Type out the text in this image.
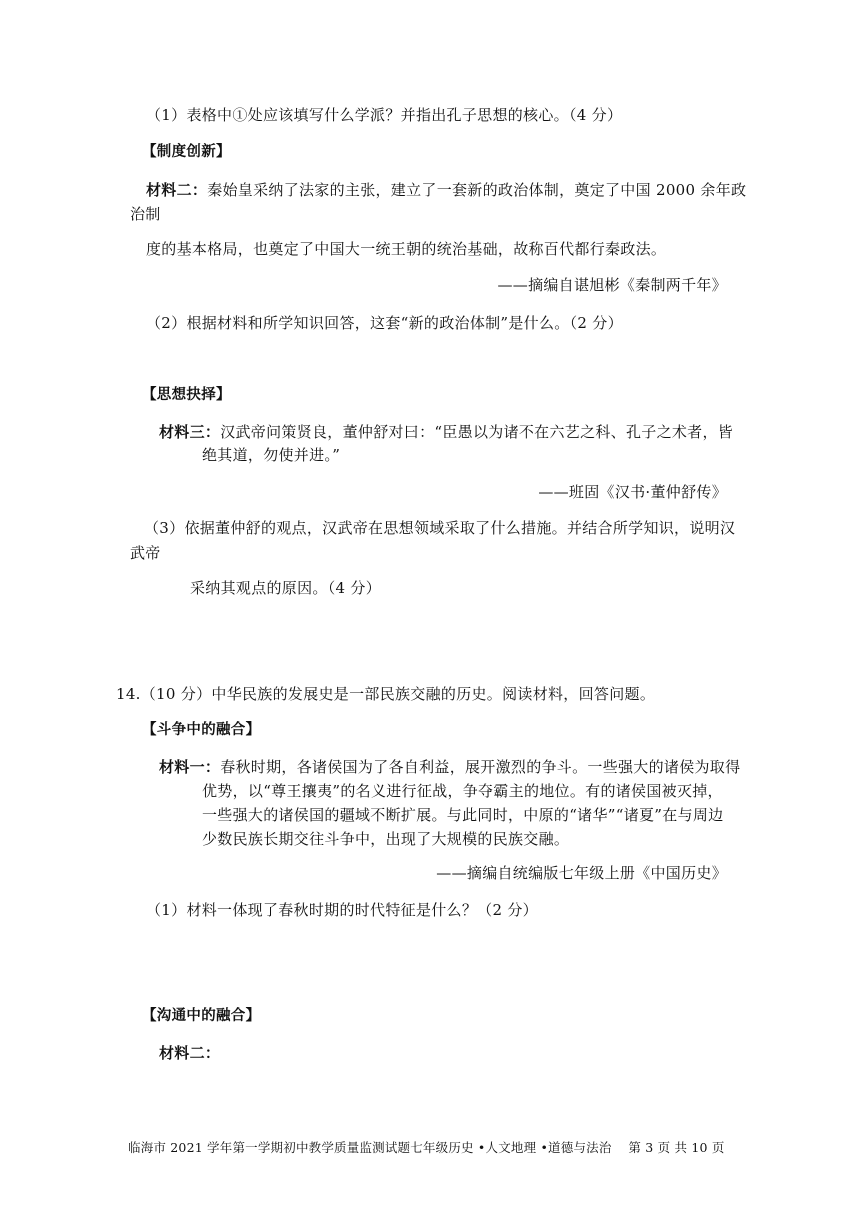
（1）表格中①处应该填写什么学派？并指出孔子思想的核心。（4 分）
【制度创新】
材料二：秦始皇采纳了法家的主张，建立了一套新的政治体制，奠定了中国 2000 余年政
治制
度的基本格局，也奠定了中国大一统王朝的统治基础，故称百代都行秦政法。
——摘编自谌旭彬《秦制两千年》
（2）根据材料和所学知识回答，这套“新的政治体制”是什么。（2 分）
【思想抉择】
材料三：汉武帝问策贤良，董仲舒对曰：“臣愚以为诸不在六艺之科、孔子之术者，皆
绝其道，勿使并进。”
——班固《汉书·董仲舒传》
（3）依据董仲舒的观点，汉武帝在思想领域采取了什么措施。并结合所学知识，说明汉
武帝
采纳其观点的原因。（4 分）
14.（10 分）中华民族的发展史是一部民族交融的历史。阅读材料，回答问题。
【斗争中的融合】
材料一：春秋时期，各诸侯国为了各自利益，展开激烈的争斗。一些强大的诸侯为取得
优势，以“尊王攘夷”的名义进行征战，争夺霸主的地位。有的诸侯国被灭掉，
一些强大的诸侯国的疆域不断扩展。与此同时，中原的“诸华”“诸夏”在与周边
少数民族长期交往斗争中，出现了大规模的民族交融。
——摘编自统编版七年级上册《中国历史》
（1）材料一体现了春秋时期的时代特征是什么？（2 分）
【沟通中的融合】
材料二：
临海市 2021 学年第一学期初中教学质量监测试题七年级历史 •人文地理 •道德与法治　 第 3 页 共 10 页
